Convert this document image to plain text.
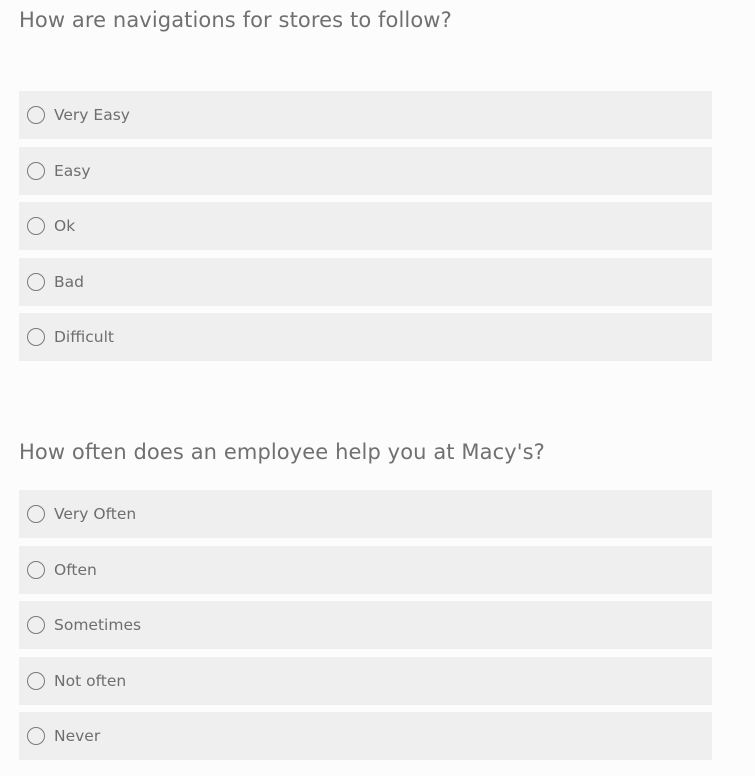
How are navigations for stores to follow?
Very Easy
Easy
Ok
Bad
Difficult
How often does an employee help you at Macy's?
Very Often
Often
Sometimes
Not often
Never
